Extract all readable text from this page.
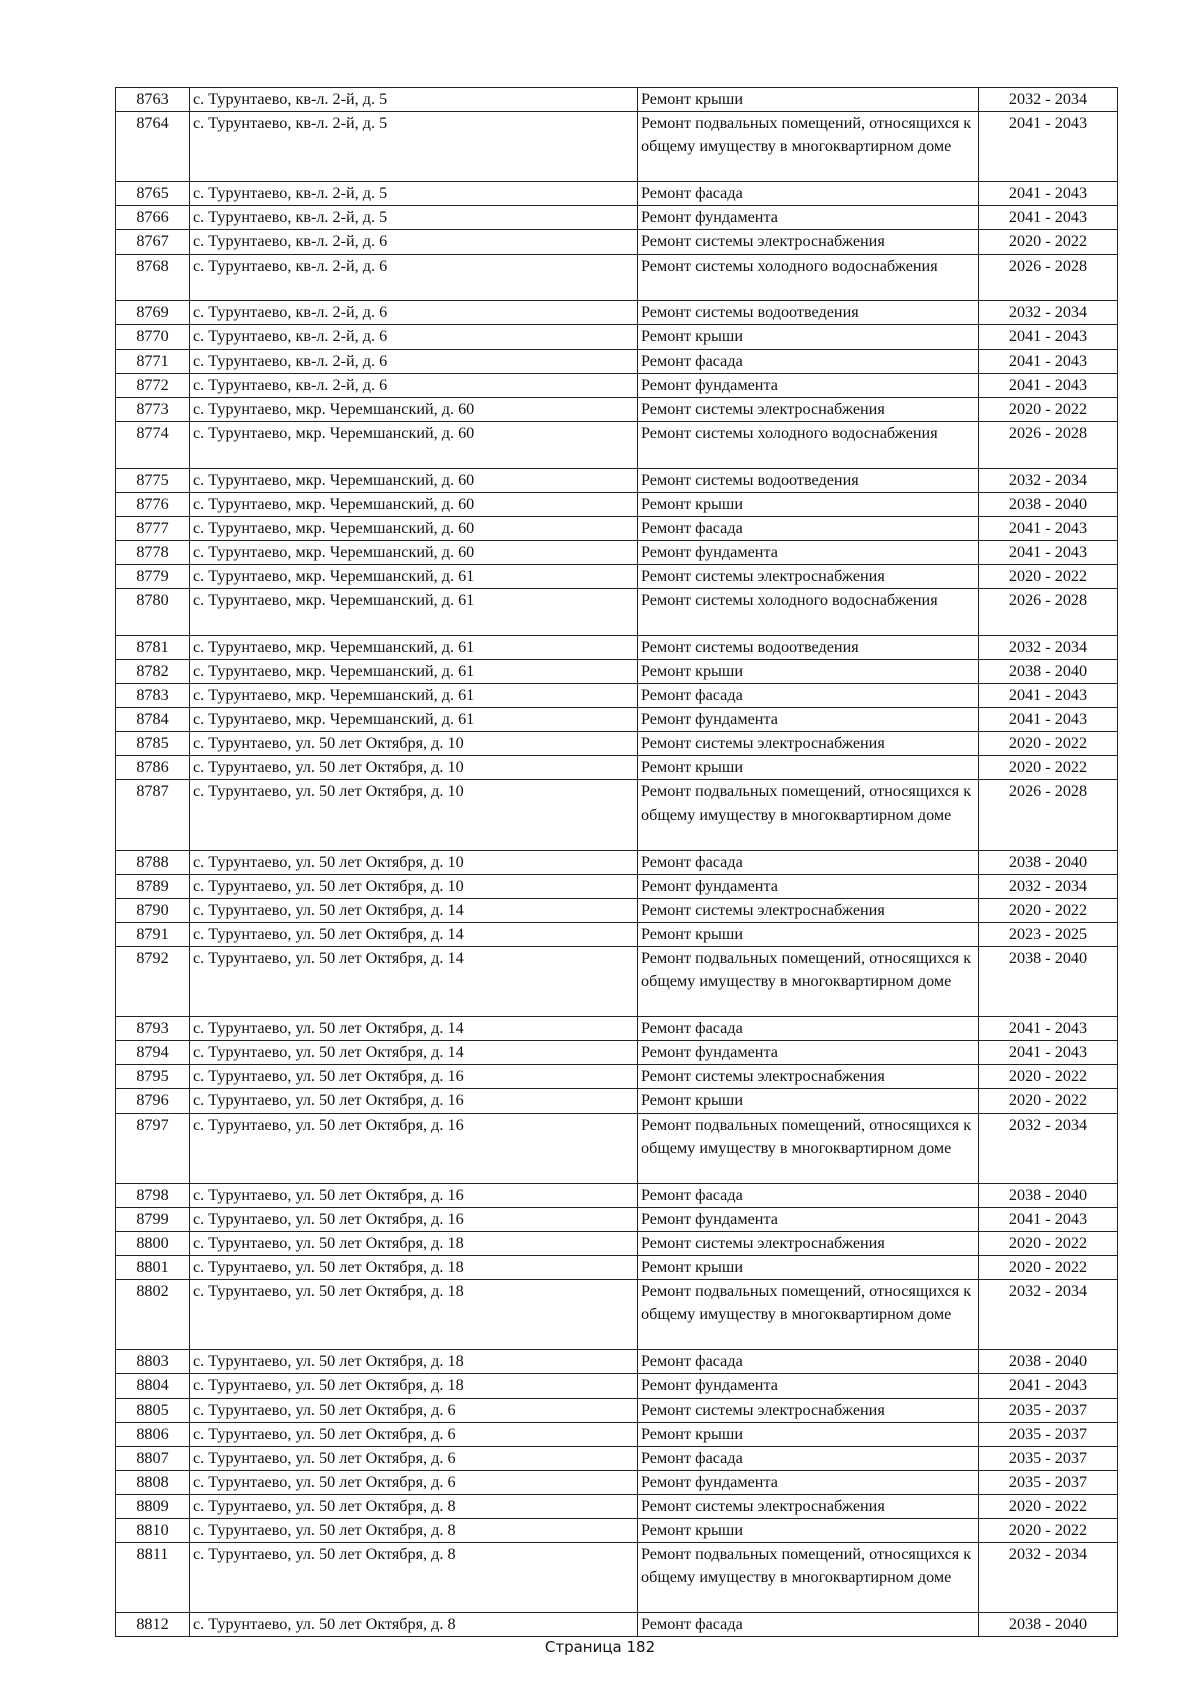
8763	с. Турунтаево, кв-л. 2-й, д. 5	Ремонт крыши	2032 - 2034
8764	с. Турунтаево, кв-л. 2-й, д. 5	Ремонт подвальных помещений, относящихся к общему имуществу в многоквартирном доме	2041 - 2043
8765	с. Турунтаево, кв-л. 2-й, д. 5	Ремонт фасада	2041 - 2043
8766	с. Турунтаево, кв-л. 2-й, д. 5	Ремонт фундамента	2041 - 2043
8767	с. Турунтаево, кв-л. 2-й, д. 6	Ремонт системы электроснабжения	2020 - 2022
8768	с. Турунтаево, кв-л. 2-й, д. 6	Ремонт системы холодного водоснабжения	2026 - 2028
8769	с. Турунтаево, кв-л. 2-й, д. 6	Ремонт системы водоотведения	2032 - 2034
8770	с. Турунтаево, кв-л. 2-й, д. 6	Ремонт крыши	2041 - 2043
8771	с. Турунтаево, кв-л. 2-й, д. 6	Ремонт фасада	2041 - 2043
8772	с. Турунтаево, кв-л. 2-й, д. 6	Ремонт фундамента	2041 - 2043
8773	с. Турунтаево, мкр. Черемшанский, д. 60	Ремонт системы электроснабжения	2020 - 2022
8774	с. Турунтаево, мкр. Черемшанский, д. 60	Ремонт системы холодного водоснабжения	2026 - 2028
8775	с. Турунтаево, мкр. Черемшанский, д. 60	Ремонт системы водоотведения	2032 - 2034
8776	с. Турунтаево, мкр. Черемшанский, д. 60	Ремонт крыши	2038 - 2040
8777	с. Турунтаево, мкр. Черемшанский, д. 60	Ремонт фасада	2041 - 2043
8778	с. Турунтаево, мкр. Черемшанский, д. 60	Ремонт фундамента	2041 - 2043
8779	с. Турунтаево, мкр. Черемшанский, д. 61	Ремонт системы электроснабжения	2020 - 2022
8780	с. Турунтаево, мкр. Черемшанский, д. 61	Ремонт системы холодного водоснабжения	2026 - 2028
8781	с. Турунтаево, мкр. Черемшанский, д. 61	Ремонт системы водоотведения	2032 - 2034
8782	с. Турунтаево, мкр. Черемшанский, д. 61	Ремонт крыши	2038 - 2040
8783	с. Турунтаево, мкр. Черемшанский, д. 61	Ремонт фасада	2041 - 2043
8784	с. Турунтаево, мкр. Черемшанский, д. 61	Ремонт фундамента	2041 - 2043
8785	с. Турунтаево, ул. 50 лет Октября, д. 10	Ремонт системы электроснабжения	2020 - 2022
8786	с. Турунтаево, ул. 50 лет Октября, д. 10	Ремонт крыши	2020 - 2022
8787	с. Турунтаево, ул. 50 лет Октября, д. 10	Ремонт подвальных помещений, относящихся к общему имуществу в многоквартирном доме	2026 - 2028
8788	с. Турунтаево, ул. 50 лет Октября, д. 10	Ремонт фасада	2038 - 2040
8789	с. Турунтаево, ул. 50 лет Октября, д. 10	Ремонт фундамента	2032 - 2034
8790	с. Турунтаево, ул. 50 лет Октября, д. 14	Ремонт системы электроснабжения	2020 - 2022
8791	с. Турунтаево, ул. 50 лет Октября, д. 14	Ремонт крыши	2023 - 2025
8792	с. Турунтаево, ул. 50 лет Октября, д. 14	Ремонт подвальных помещений, относящихся к общему имуществу в многоквартирном доме	2038 - 2040
8793	с. Турунтаево, ул. 50 лет Октября, д. 14	Ремонт фасада	2041 - 2043
8794	с. Турунтаево, ул. 50 лет Октября, д. 14	Ремонт фундамента	2041 - 2043
8795	с. Турунтаево, ул. 50 лет Октября, д. 16	Ремонт системы электроснабжения	2020 - 2022
8796	с. Турунтаево, ул. 50 лет Октября, д. 16	Ремонт крыши	2020 - 2022
8797	с. Турунтаево, ул. 50 лет Октября, д. 16	Ремонт подвальных помещений, относящихся к общему имуществу в многоквартирном доме	2032 - 2034
8798	с. Турунтаево, ул. 50 лет Октября, д. 16	Ремонт фасада	2038 - 2040
8799	с. Турунтаево, ул. 50 лет Октября, д. 16	Ремонт фундамента	2041 - 2043
8800	с. Турунтаево, ул. 50 лет Октября, д. 18	Ремонт системы электроснабжения	2020 - 2022
8801	с. Турунтаево, ул. 50 лет Октября, д. 18	Ремонт крыши	2020 - 2022
8802	с. Турунтаево, ул. 50 лет Октября, д. 18	Ремонт подвальных помещений, относящихся к общему имуществу в многоквартирном доме	2032 - 2034
8803	с. Турунтаево, ул. 50 лет Октября, д. 18	Ремонт фасада	2038 - 2040
8804	с. Турунтаево, ул. 50 лет Октября, д. 18	Ремонт фундамента	2041 - 2043
8805	с. Турунтаево, ул. 50 лет Октября, д. 6	Ремонт системы электроснабжения	2035 - 2037
8806	с. Турунтаево, ул. 50 лет Октября, д. 6	Ремонт крыши	2035 - 2037
8807	с. Турунтаево, ул. 50 лет Октября, д. 6	Ремонт фасада	2035 - 2037
8808	с. Турунтаево, ул. 50 лет Октября, д. 6	Ремонт фундамента	2035 - 2037
8809	с. Турунтаево, ул. 50 лет Октября, д. 8	Ремонт системы электроснабжения	2020 - 2022
8810	с. Турунтаево, ул. 50 лет Октября, д. 8	Ремонт крыши	2020 - 2022
8811	с. Турунтаево, ул. 50 лет Октября, д. 8	Ремонт подвальных помещений, относящихся к общему имуществу в многоквартирном доме	2032 - 2034
8812	с. Турунтаево, ул. 50 лет Октября, д. 8	Ремонт фасада	2038 - 2040
Страница 182
